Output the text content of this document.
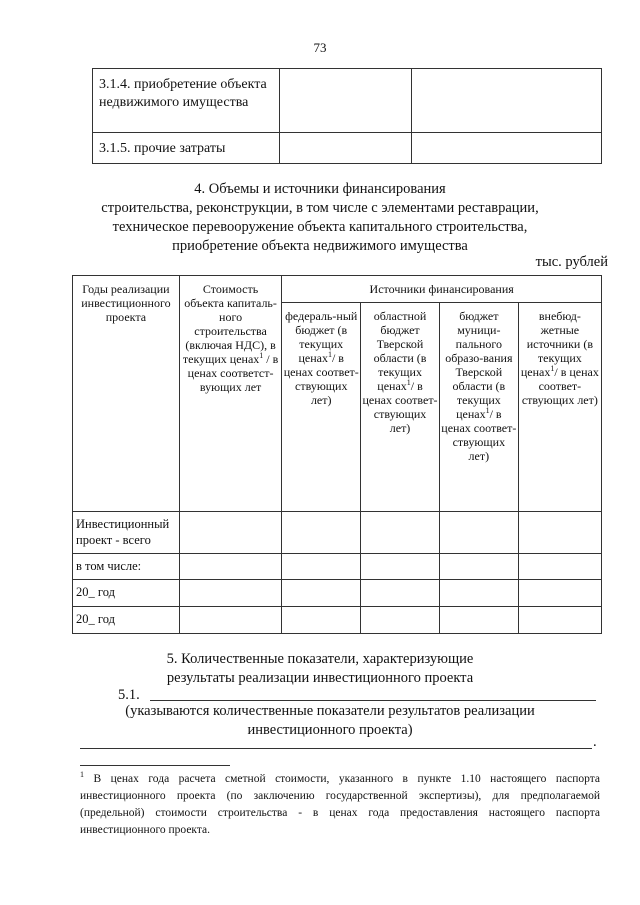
73
3.1.4. приобретение объекта недвижимого имущества		
3.1.5. прочие затраты		
4. Объемы и источники финансирования
строительства, реконструкции, в том числе с элементами реставрации,
техническое перевооружение объекта капитального строительства,
приобретение объекта недвижимого имущества
тыс. рублей
Годы реализации инвестиционного проекта	Стоимость объекта капиталь-ного строительства (включая НДС), в текущих ценах$^1$ / в ценах соответст-вующих лет	Источники финансирования			
		федераль-ный бюджет (в текущих ценах$^1$/ в ценах соответ-ствующих лет)	областной бюджет Тверской области (в текущих ценах$^1$/ в ценах соответ-ствующих лет)	бюджет муници-пального образо-вания Тверской области (в текущих ценах$^1$/ в ценах соответ-ствующих лет)	внебюд-жетные источники (в текущих ценах$^1$/ в ценах соответ-ствующих лет)
Инвестиционный проект - всего					
в том числе:					
20_ год					
20_ год					
5. Количественные показатели, характеризующие
результаты реализации инвестиционного проекта
5.1.
(указываются количественные показатели результатов реализации
инвестиционного проекта)
.
$^1$ В ценах года расчета сметной стоимости, указанного в пункте 1.10 настоящего паспорта инвестиционного проекта (по заключению государственной экспертизы), для предполагаемой (предельной) стоимости строительства - в ценах года предоставления настоящего паспорта инвестиционного проекта.
